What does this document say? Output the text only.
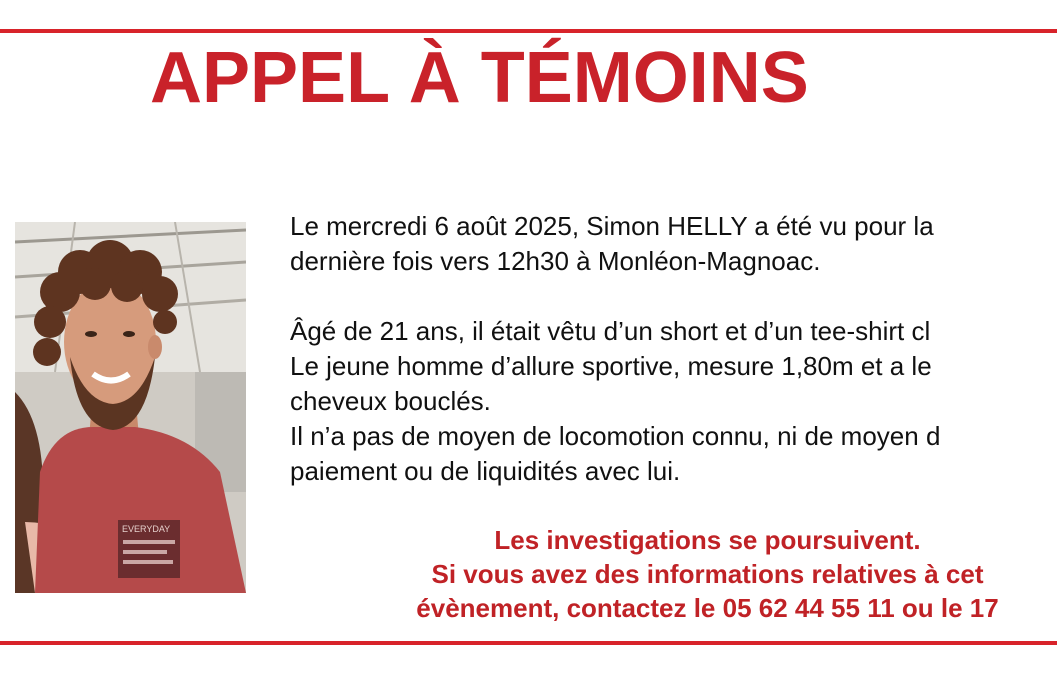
APPEL À TÉMOINS
EVERYDAY

Le mercredi 6 août 2025, Simon HELLY a été vu pour la

dernière fois vers 12h30 à Monléon-Magnoac.

Âgé de 21 ans, il était vêtu d’un short et d’un tee-shirt cl

Le jeune homme d’allure sportive, mesure 1,80m et a le

cheveux bouclés.

Il n’a pas de moyen de locomotion connu, ni de moyen d

paiement ou de liquidités avec lui.

Les investigations se poursuivent.

Si vous avez des informations relatives à cet

évènement, contactez le 05 62 44 55 11 ou le 17
